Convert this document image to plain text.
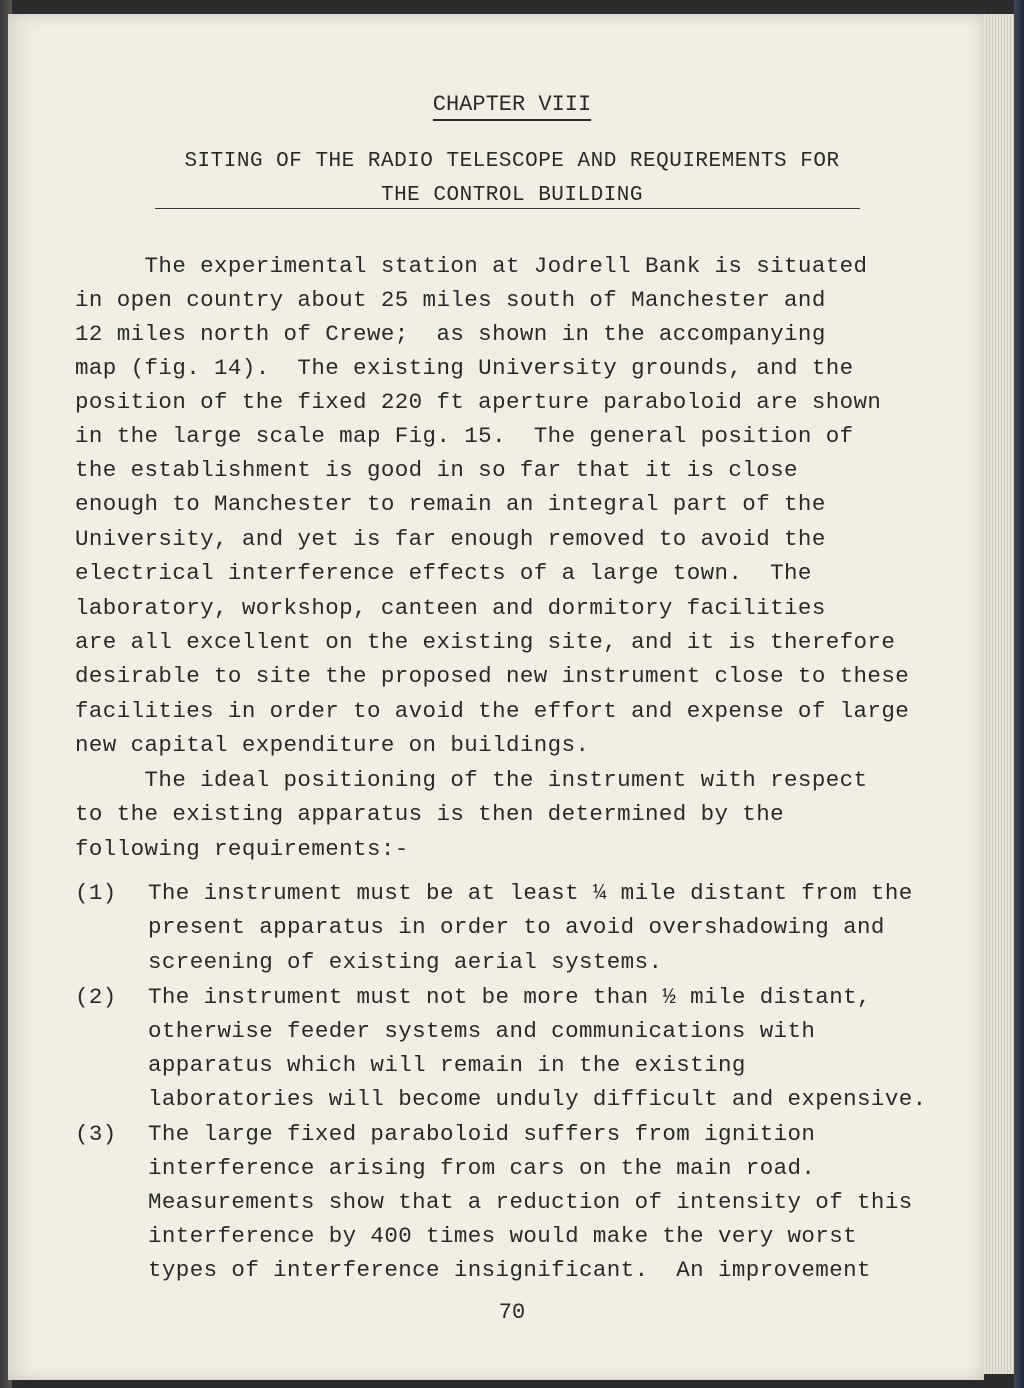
CHAPTER VIII
SITING OF THE RADIO TELESCOPE AND REQUIREMENTS FOR
THE CONTROL BUILDING
The experimental station at Jodrell Bank is situated
in open country about 25 miles south of Manchester and
12 miles north of Crewe;  as shown in the accompanying
map (fig. 14).  The existing University grounds, and the
position of the fixed 220 ft aperture paraboloid are shown
in the large scale map Fig. 15.  The general position of
the establishment is good in so far that it is close
enough to Manchester to remain an integral part of the
University, and yet is far enough removed to avoid the
electrical interference effects of a large town.  The
laboratory, workshop, canteen and dormitory facilities
are all excellent on the existing site, and it is therefore
desirable to site the proposed new instrument close to these
facilities in order to avoid the effort and expense of large
new capital expenditure on buildings.
The ideal positioning of the instrument with respect
to the existing apparatus is then determined by the
following requirements:-
(1) The instrument must be at least ¼ mile distant from the
present apparatus in order to avoid overshadowing and
screening of existing aerial systems.
(2) The instrument must not be more than ½ mile distant,
otherwise feeder systems and communications with
apparatus which will remain in the existing
laboratories will become unduly difficult and expensive.
(3) The large fixed paraboloid suffers from ignition
interference arising from cars on the main road.
Measurements show that a reduction of intensity of this
interference by 400 times would make the very worst
types of interference insignificant.  An improvement
70
